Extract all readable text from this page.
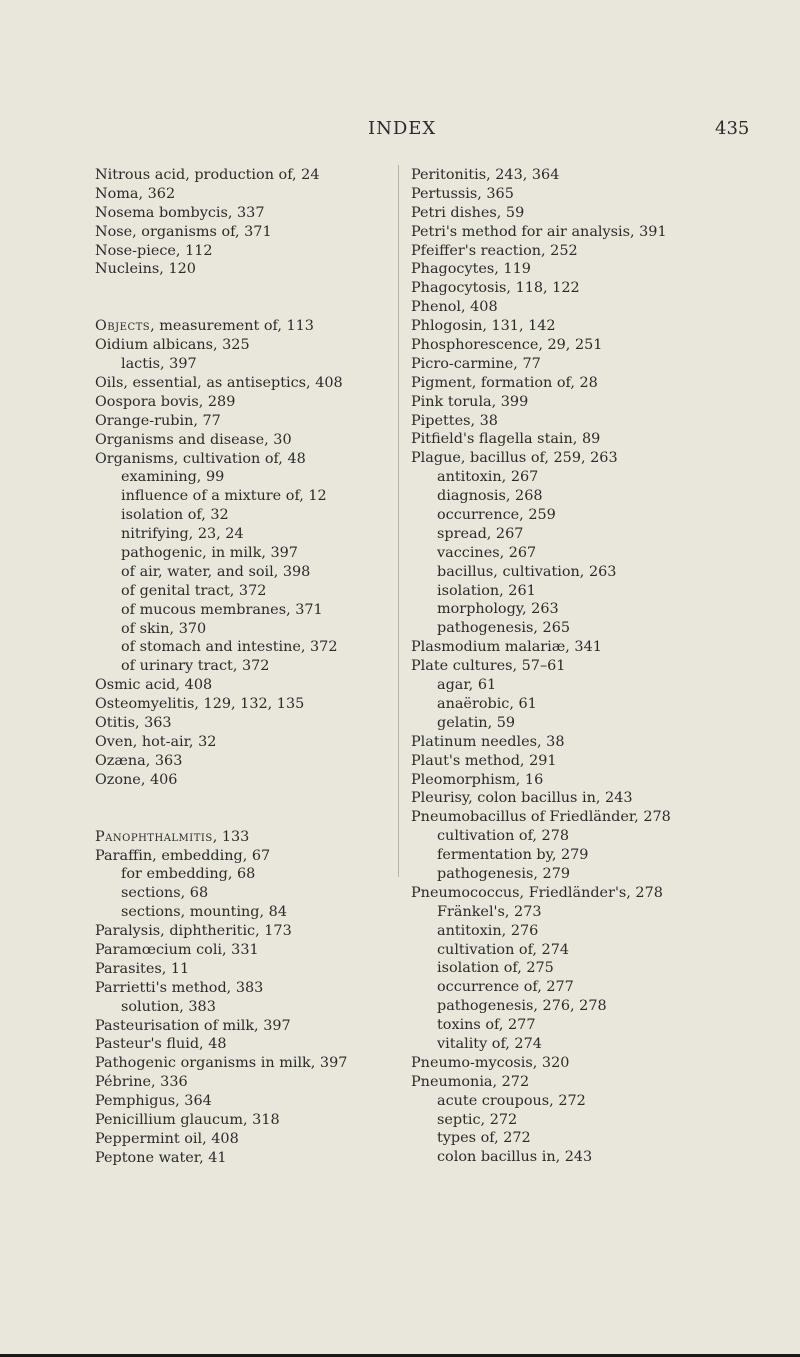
INDEX	435
Nitrous acid, production of, 24
Noma, 362
Nosema bombycis, 337
Nose, organisms of, 371
Nose-piece, 112
Nucleins, 120
Objects, measurement of, 113
Oidium albicans, 325
lactis, 397
Oils, essential, as antiseptics, 408
Oospora bovis, 289
Orange-rubin, 77
Organisms and disease, 30
Organisms, cultivation of, 48
examining, 99
influence of a mixture of, 12
isolation of, 32
nitrifying, 23, 24
pathogenic, in milk, 397
of air, water, and soil, 398
of genital tract, 372
of mucous membranes, 371
of skin, 370
of stomach and intestine, 372
of urinary tract, 372
Osmic acid, 408
Osteomyelitis, 129, 132, 135
Otitis, 363
Oven, hot-air, 32
Ozæna, 363
Ozone, 406
Panophthalmitis, 133
Paraffin, embedding, 67
for embedding, 68
sections, 68
sections, mounting, 84
Paralysis, diphtheritic, 173
Paramœcium coli, 331
Parasites, 11
Parrietti's method, 383
solution, 383
Pasteurisation of milk, 397
Pasteur's fluid, 48
Pathogenic organisms in milk, 397
Pébrine, 336
Pemphigus, 364
Penicillium glaucum, 318
Peppermint oil, 408
Peptone water, 41
Peritonitis, 243, 364
Pertussis, 365
Petri dishes, 59
Petri's method for air analysis, 391
Pfeiffer's reaction, 252
Phagocytes, 119
Phagocytosis, 118, 122
Phenol, 408
Phlogosin, 131, 142
Phosphorescence, 29, 251
Picro-carmine, 77
Pigment, formation of, 28
Pink torula, 399
Pipettes, 38
Pitfield's flagella stain, 89
Plague, bacillus of, 259, 263
antitoxin, 267
diagnosis, 268
occurrence, 259
spread, 267
vaccines, 267
bacillus, cultivation, 263
isolation, 261
morphology, 263
pathogenesis, 265
Plasmodium malariæ, 341
Plate cultures, 57–61
agar, 61
anaërobic, 61
gelatin, 59
Platinum needles, 38
Plaut's method, 291
Pleomorphism, 16
Pleurisy, colon bacillus in, 243
Pneumobacillus of Friedländer, 278
cultivation of, 278
fermentation by, 279
pathogenesis, 279
Pneumococcus, Friedländer's, 278
Fränkel's, 273
antitoxin, 276
cultivation of, 274
isolation of, 275
occurrence of, 277
pathogenesis, 276, 278
toxins of, 277
vitality of, 274
Pneumo-mycosis, 320
Pneumonia, 272
acute croupous, 272
septic, 272
types of, 272
colon bacillus in, 243
